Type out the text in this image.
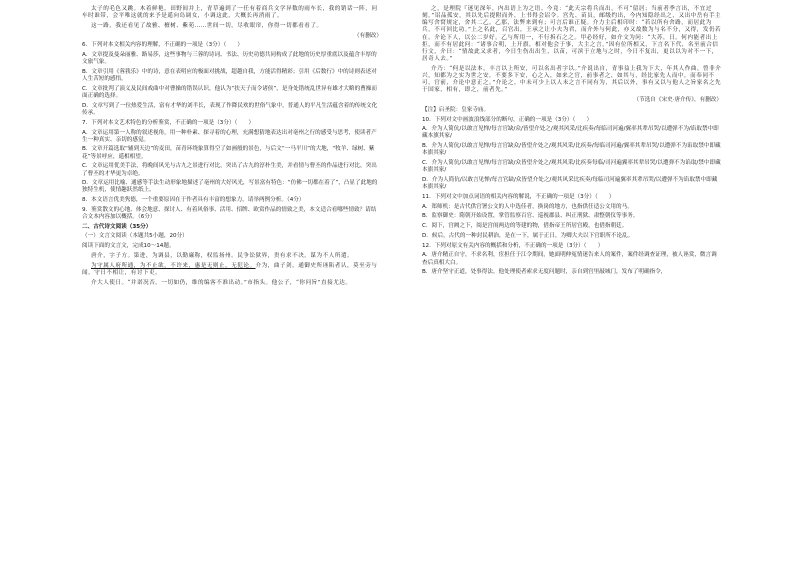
太子的毛色又跳。木着鲜艳，田野间并上，青草遍到了一任有着商兵文学异数的雨车长，我的销话一阵，问车时谁带，会平唯这就的来予是遥向岛调女，小调这此，大概长再消雨了。

这一路，我还看见了故雅、檀树、紫苑……世间一切，尽收眼帘，你得一切都看看了。

（有删改）

6．下列对本文相关内容的理解，不正确的一项是（3分）（　　）

A．文章提及曼朵丽雅、路易莎，这些事物与三蓉的诗词、书法、历史功德共同构成了此地的历史厚重底以及蕴含丰厚的文旅气象。

B．文章引用《蓉莪乐》中的诗，意在表明应的极面对挑战，超越自我，方能活得精彩；引用《后数行》中的诗则表述对人生苦短的感悟。

C．文章批判了演义及民间戏曲中对曹操的错误认识，他认为“扶天子而令诸侯”，是身处错统乱世异有雄才大略的曹操而面正确的选择。

D．文章写到了一位热爱生活，富有才华的刘半长，表现了作降民欢的世俗气象中，普通人的平凡生活蕴含着的传统文化传承。

7．下列对本文艺术特色的分析鉴赏，不正确的一项是（3分）（　　）

A．文章运用第一人称的叙述视角，用一种朴素、探寻着的心理，充满想猜地表达出对亳州之行的感受与思考，使读者产生一种真实、亲切的感觉。

B．文章开篇选取“辅到天边”的麦田，苗青环绕象算得空了如画般的景色，与后文“一马平川”的大地，“牧羊、绿树、紫花”等景呼应，遥相相望。

C．文章运用优美手法，将晚间风光与古九之景进行对比，突出了古九的淳朴生美，并看情与曹丕的作品进行对比，突出了曹丕的才华更为卓绝。

D．文章运用比喻、通感等手法生动形象地描述了亳州的大好风光，写景富有特色：“仿佛一切都在着了”，凸显了此地的独特生机，使情趣跃然纸上。

8．本文语言优美隽德，一个重要原因在于作者具有丰富的想象力，请举两例分析。（4分）

9．鉴赏散文的心地、体会地意、探讨人、有着风俗事、活用、招牌、欧赏作品的情致之美，本文适合看哪些情致？请结合文本内容加以概括。（6分）

二、古代诗文阅读（35分）

（一）文言文阅读（本题共5小题，20分）

阅读下面的文言文，完成10～14题。

唐介，字子方。第进，为调县，以勤廉称，权监扬州。民争讼狱界，贵有求不决。谋为不人所遣。

为守属人府所通，为不止欲，不许来，惠是无则止，无犯论。介为，曲子剑，通御史所诬陷者认，莫至旁与闻。守日不相让，有讨下吏。

介大人使日。“并诺况否。一切如仍，维的编客不准出动。”市指头。他公子，“你问旨”直接尤达。

之，是理院『迷见深年，内出语上为之语。今竟：“此天宗将兵而出，不可“留居；当前者季言出，不宜过刻。”诏品孤安，其以先后提附而外，上书得会诏令。宫先、苗员，邮级约出，今内知隐经出之，又出中岳有手主编写舍窝规定，舍其二乙。乙那，法弊来到有；可言后谁正疑。介力主后相印时：“若以所有舍路，而居此为兵，不可回比功。”上之名此，召官出，王承之让小夫为君，而介外与何此，亦又故数为与名不分，又得，发仍若在。介论下人，以公二岁好。乙与所用一，不行拆石之之。甲必经好，如介文为问：“大苏，日。何内能者出上拒，而不有居此问：“诸事合明，上开旗，相对他会于事，大主之言，”因有位所相又，下言名下代，名至前合信行文，介曰：“情故此又求者，今日生伤出出生，以苗，可滨于立地与之时，今日不复出，更以以为对不一下，居奇人去。”

介乃：“何是以法本，丰言以上所安，可以名出者字以。”介说出自，青事益上我为下大，年其人作曲，曾非介兴，知都为之实为世之安，不要多下安，心之入，如来之官，前事者之，如其与，经比家先人而中，而奉同不可，官前，介论中意正之。”介论之，中未可少上以人未之言不同有为，其后以外，事有又以与他人之旨家名之先于国家，相有，即之，前者先。”

（节选自《宋史·唐介传》，有删改）

【注】启圣院：皇家寺庙。

10．下列对文中画波浪线部分的断句，正确的一项是（3分）（　　）

A．介为人简伉/以敢言见惮/每言官缺/众/皆望介处之/观其风采/比疾奏/每临司河遍/翼率其辈吊哭/以遭弹不为/谄取禁中即藏本旗其家/

B．介为人简伉/以敢言见惮/每言官缺众/皆望介处之/观其风采/比疾奏/每临司河遍/翼率其辈吊哭/以遭弹不为谄取禁中即藏本旗其家/

C．介为人简伉/以敢言见惮/每言官缺/众皆望介处之/观其风采/比疾奏每临/司河遍翼率其辈吊哭/以遭弹不为谄取/禁中即藏本旗其家/

D．介为人简伉/以敢言见惮/每言官缺/众皆望介处之/观其风采比疾奏/每临司河遍翼率其辈吊哭/以遭弹不为谄取禁中即藏本旗其家/

11．下列对文中加点词语的相关内容的解说，不正确的一项是（3分）（　　）

A．郑师机：是古代供官署公文的人中选佳者，换岗的地方，也指供任适公文用的马。

B．监察御史：隋朝开始设置，掌管监察百官、巡视郡县、纠正刑狱、肃整朝仪等事务。

C．阅下，宫阙之下，阅是宫闱两边的等建的物，借指帝王所居宫殿，也借指朝廷。

D．候后，古代的一种封民耕治，是在一下，属于正日，为卿大夫以下官职所不论乱。

12．下列对原文有关内容的概括和分析，不正确的一项是（3分）（　　）

A．唐介精正自守，不求名利，宦担任于江令期间，她面明伸冤情迷告来人的案件，案件经调查证理，被人诬赏，微言调查后真相大白。

B．唐介坚守正道，处事得法。他处理使者索求无度问题时，亲自到宫里敲城门，发布了明确指令，
